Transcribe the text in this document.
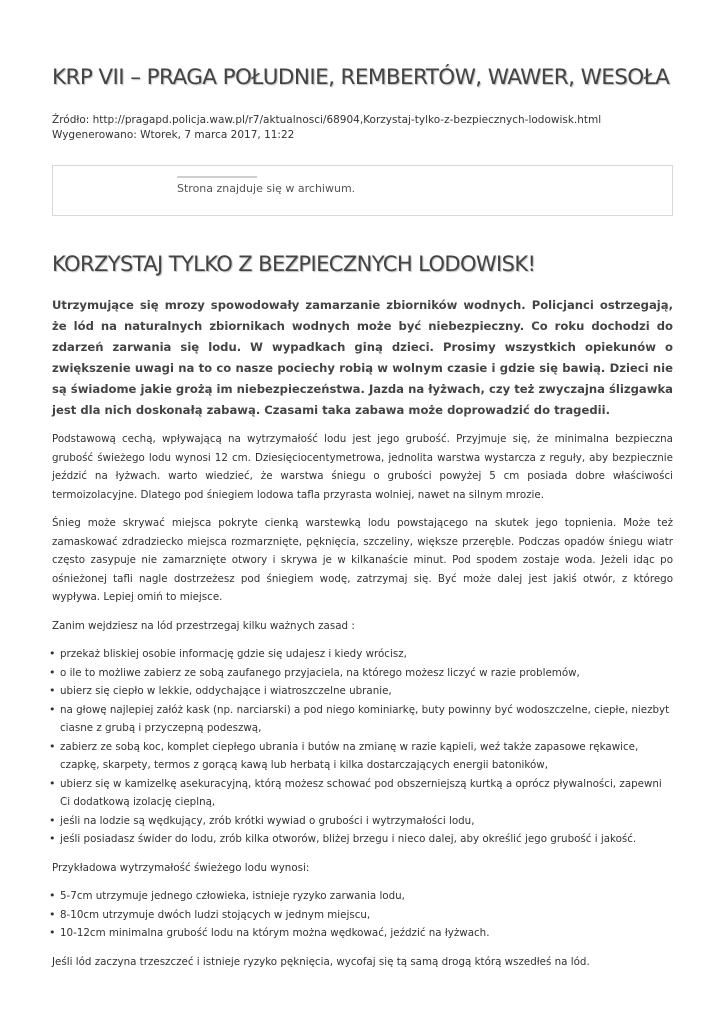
KRP VII – PRAGA POŁUDNIE, REMBERTÓW, WAWER, WESOŁA
Źródło: http://pragapd.policja.waw.pl/r7/aktualnosci/68904,Korzystaj-tylko-z-bezpiecznych-lodowisk.html
Wygenerowano: Wtorek, 7 marca 2017, 11:22
Strona znajduje się w archiwum.
KORZYSTAJ TYLKO Z BEZPIECZNYCH LODOWISK!
Utrzymujące się mrozy spowodowały zamarzanie zbiorników wodnych. Policjanci ostrzegają, że lód na naturalnych zbiornikach wodnych może być niebezpieczny. Co roku dochodzi do zdarzeń zarwania się lodu. W wypadkach giną dzieci. Prosimy wszystkich opiekunów o zwiększenie uwagi na to co nasze pociechy robią w wolnym czasie i gdzie się bawią. Dzieci nie są świadome jakie grożą im niebezpieczeństwa. Jazda na łyżwach, czy też zwyczajna ślizgawka jest dla nich doskonałą zabawą. Czasami taka zabawa może doprowadzić do tragedii.

Podstawową cechą, wpływającą na wytrzymałość lodu jest jego grubość. Przyjmuje się, że minimalna bezpieczna grubość świeżego lodu wynosi 12 cm. Dziesięciocentymetrowa, jednolita warstwa wystarcza z reguły, aby bezpiecznie jeździć na łyżwach. warto wiedzieć, że warstwa śniegu o grubości powyżej 5 cm posiada dobre właściwości termoizolacyjne. Dlatego pod śniegiem lodowa tafla przyrasta wolniej, nawet na silnym mrozie.

Śnieg może skrywać miejsca pokryte cienką warstewką lodu powstającego na skutek jego topnienia. Może też zamaskować zdradziecko miejsca rozmarznięte, pęknięcia, szczeliny, większe przeręble. Podczas opadów śniegu wiatr często zasypuje nie zamarznięte otwory i skrywa je w kilkanaście minut. Pod spodem zostaje woda. Jeżeli idąc po ośnieżonej tafli nagle dostrzeżesz pod śniegiem wodę, zatrzymaj się. Być może dalej jest jakiś otwór, z którego wypływa. Lepiej omiń to miejsce.

Zanim wejdziesz na lód przestrzegaj kilku ważnych zasad :

• przekaż bliskiej osobie informację gdzie się udajesz i kiedy wrócisz,
• o ile to możliwe zabierz ze sobą zaufanego przyjaciela, na którego możesz liczyć w razie problemów,
• ubierz się ciepło w lekkie, oddychające i wiatroszczelne ubranie,
• na głowę najlepiej załóż kask (np. narciarski) a pod niego kominiarkę, buty powinny być wodoszczelne, ciepłe, niezbyt ciasne z grubą i przyczepną podeszwą,
• zabierz ze sobą koc, komplet ciepłego ubrania i butów na zmianę w razie kąpieli, weź także zapasowe rękawice, czapkę, skarpety, termos z gorącą kawą lub herbatą i kilka dostarczających energii batoników,
• ubierz się w kamizelkę asekuracyjną, którą możesz schować pod obszerniejszą kurtką a oprócz pływalności, zapewni Ci dodatkową izolację cieplną,
• jeśli na lodzie są wędkujący, zrób krótki wywiad o grubości i wytrzymałości lodu,
• jeśli posiadasz świder do lodu, zrób kilka otworów, bliżej brzegu i nieco dalej, aby określić jego grubość i jakość.

Przykładowa wytrzymałość świeżego lodu wynosi:

• 5-7cm utrzymuje jednego człowieka, istnieje ryzyko zarwania lodu,
• 8-10cm utrzymuje dwóch ludzi stojących w jednym miejscu,
• 10-12cm minimalna grubość lodu na którym można wędkować, jeździć na łyżwach.

Jeśli lód zaczyna trzeszczeć i istnieje ryzyko pęknięcia, wycofaj się tą samą drogą którą wszedłeś na lód.
